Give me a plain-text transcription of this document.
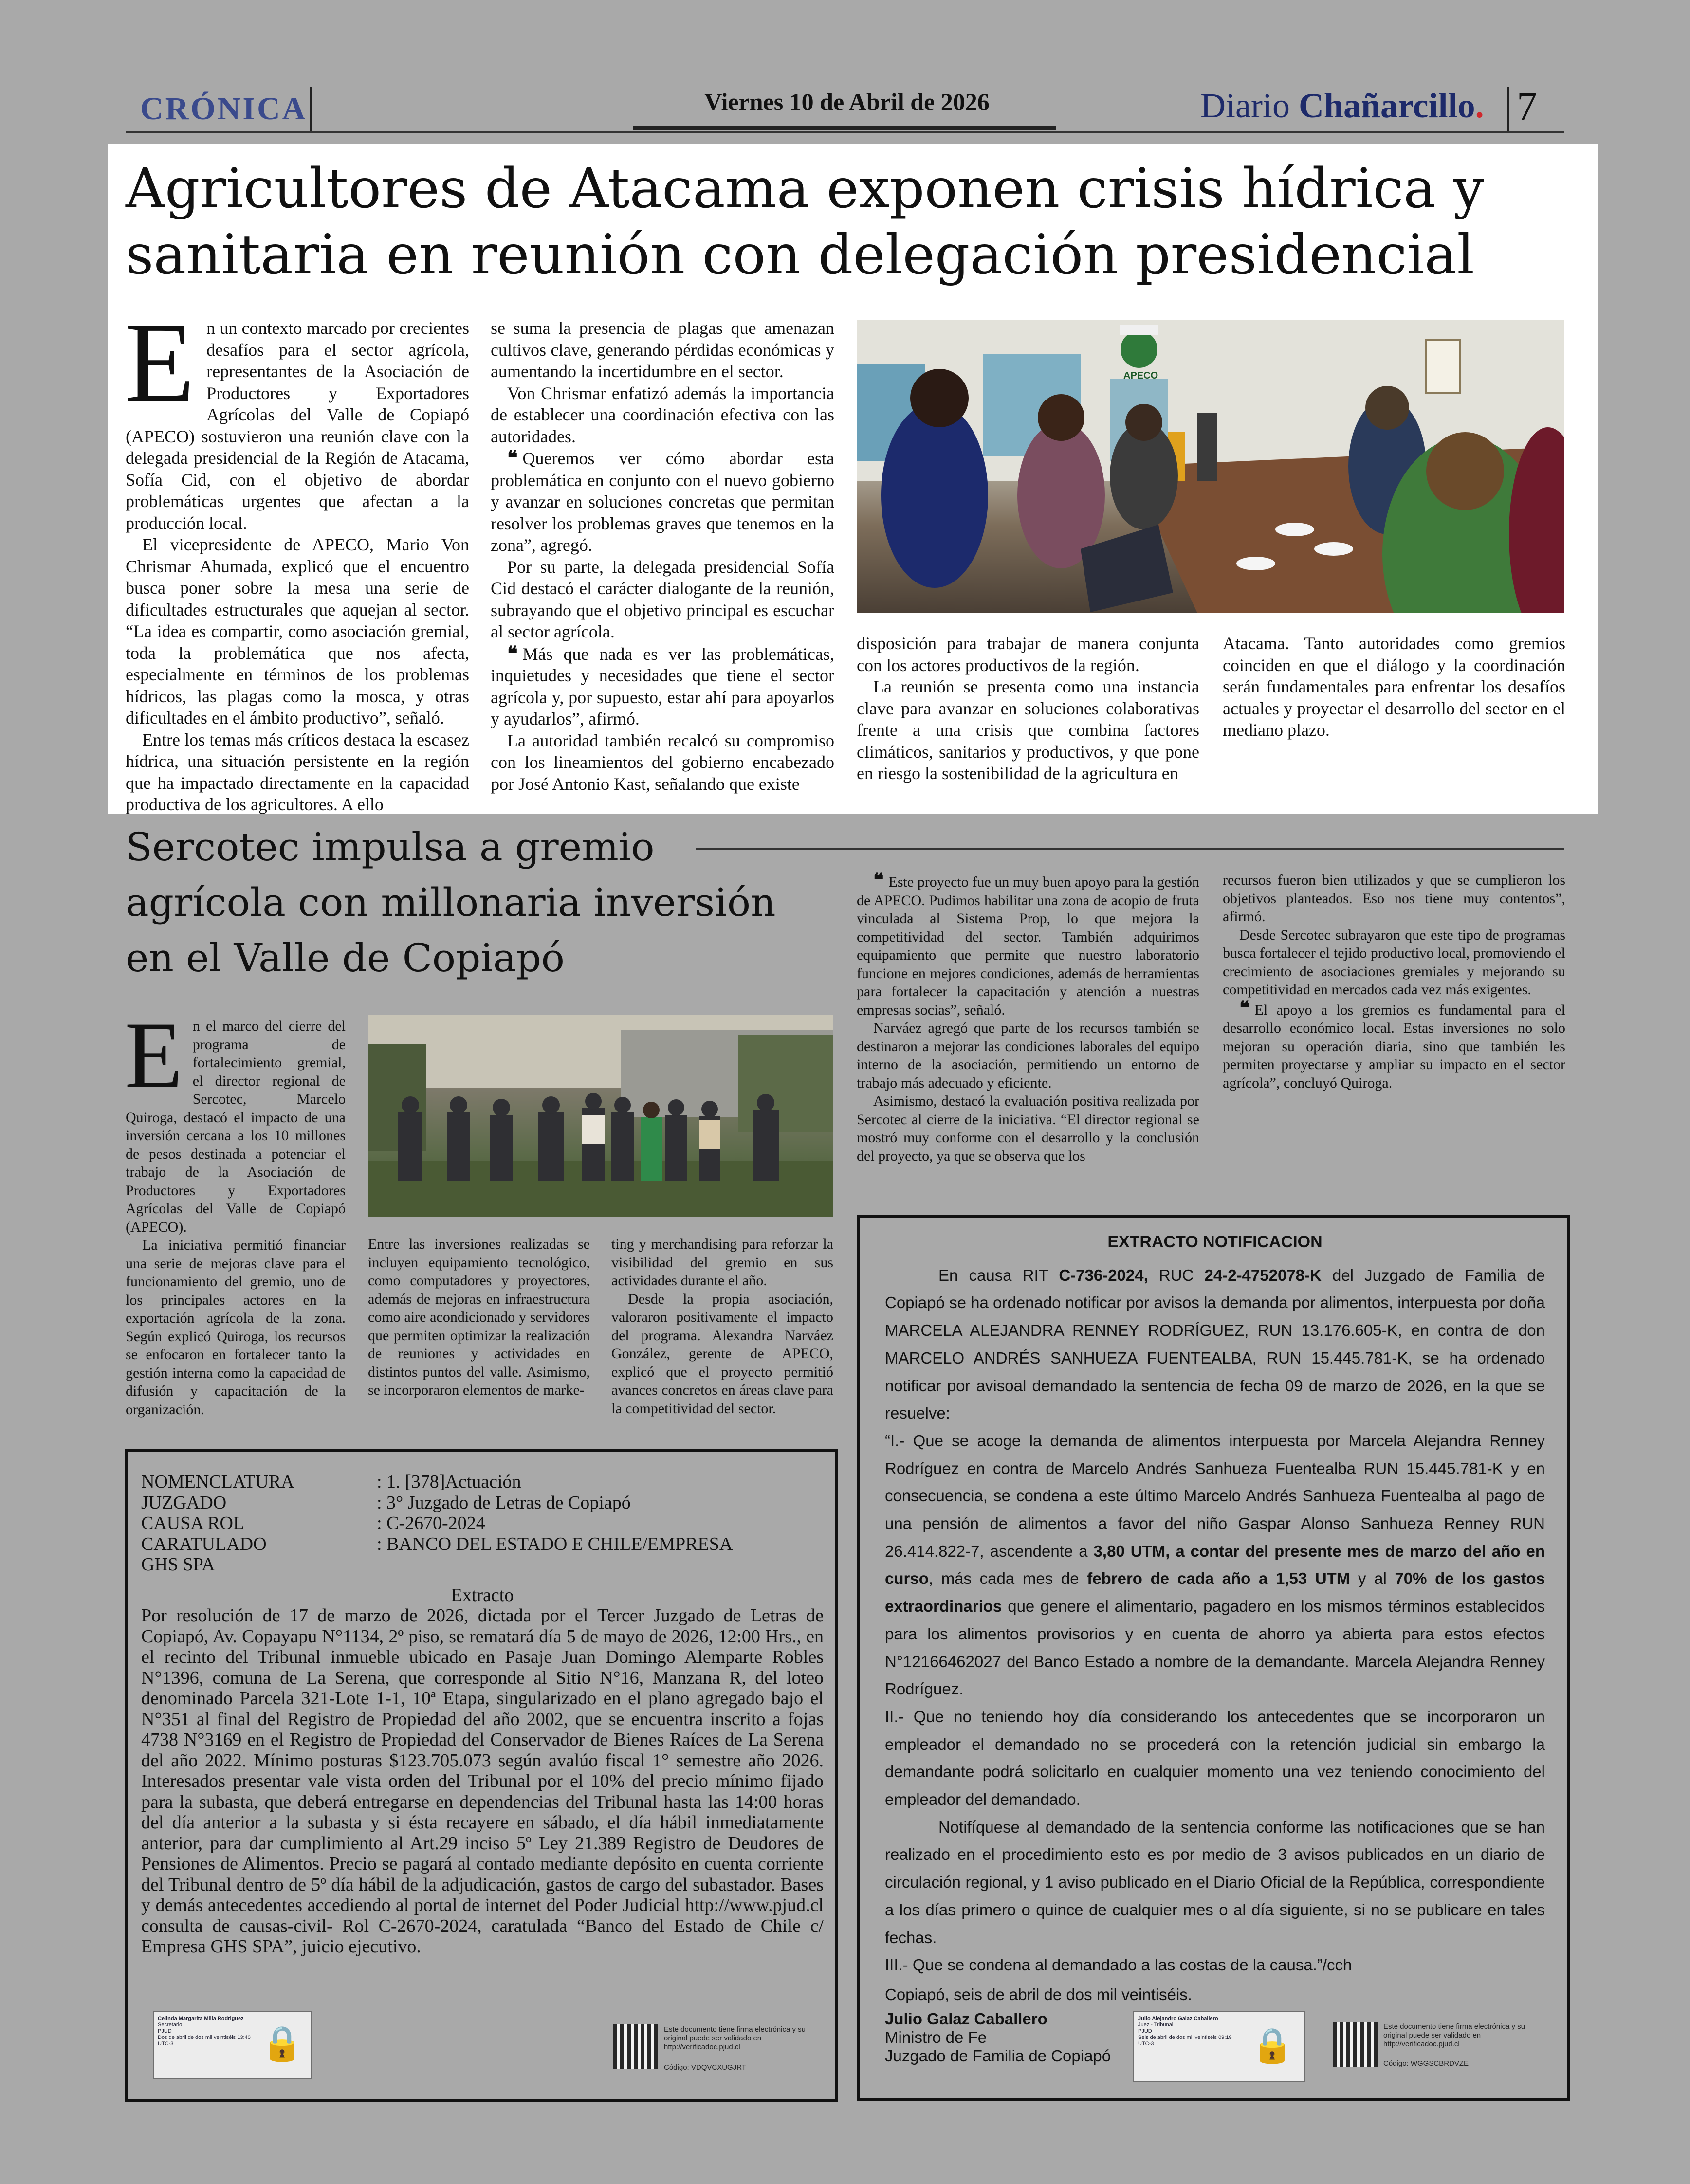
CRÓNICA	Viernes 10 de Abril de 2026	Diario Chañarcillo. 7
Agricultores de Atacama exponen crisis hídrica y sanitaria en reunión con delegación presidencial

En un contexto marcado por crecientes desafíos para el sector agrícola, representantes de la Asociación de Productores y Exportadores Agrícolas del Valle de Copiapó (APECO) sostuvieron una reunión clave con la delegada presidencial de la Región de Atacama, Sofía Cid, con el objetivo de abordar problemáticas urgentes que afectan a la producción local.

El vicepresidente de APECO, Mario Von Chrismar Ahumada, explicó que el encuentro busca poner sobre la mesa una serie de dificultades estructurales que aquejan al sector. “La idea es compartir, como asociación gremial, toda la problemática que nos afecta, especialmente en términos de los problemas hídricos, las plagas como la mosca, y otras dificultades en el ámbito productivo”, señaló.

Entre los temas más críticos destaca la escasez hídrica, una situación persistente en la región que ha impactado directamente en la capacidad productiva de los agricultores. A ello

se suma la presencia de plagas que amenazan cultivos clave, generando pérdidas económicas y aumentando la incertidumbre en el sector.

Von Chrismar enfatizó además la importancia de establecer una coordinación efectiva con las autoridades.

❝ Queremos ver cómo abordar esta problemática en conjunto con el nuevo gobierno y avanzar en soluciones concretas que permitan resolver los problemas graves que tenemos en la zona”, agregó.

Por su parte, la delegada presidencial Sofía Cid destacó el carácter dialogante de la reunión, subrayando que el objetivo principal es escuchar al sector agrícola.

❝ Más que nada es ver las problemáticas, inquietudes y necesidades que tiene el sector agrícola y, por supuesto, estar ahí para apoyarlos y ayudarlos”, afirmó.

La autoridad también recalcó su compromiso con los lineamientos del gobierno encabezado por José Antonio Kast, señalando que existe

APECO

disposición para trabajar de manera conjunta con los actores productivos de la región.

La reunión se presenta como una instancia clave para avanzar en soluciones colaborativas frente a una crisis que combina factores climáticos, sanitarios y productivos, y que pone en riesgo la sostenibilidad de la agricultura en

Atacama. Tanto autoridades como gremios coinciden en que el diálogo y la coordinación serán fundamentales para enfrentar los desafíos actuales y proyectar el desarrollo del sector en el mediano plazo.

Sercotec impulsa a gremio agrícola con millonaria inversión en el Valle de Copiapó

En el marco del cierre del programa de fortalecimiento gremial, el director regional de Sercotec, Marcelo Quiroga, destacó el impacto de una inversión cercana a los 10 millones de pesos destinada a potenciar el trabajo de la Asociación de Productores y Exportadores Agrícolas del Valle de Copiapó (APECO).

La iniciativa permitió financiar una serie de mejoras clave para el funcionamiento del gremio, uno de los principales actores en la exportación agrícola de la zona. Según explicó Quiroga, los recursos se enfocaron en fortalecer tanto la gestión interna como la capacidad de difusión y capacitación de la organización.

Entre las inversiones realizadas se incluyen equipamiento tecnológico, como computadores y proyectores, además de mejoras en infraestructura como aire acondicionado y servidores que permiten optimizar la realización de reuniones y actividades en distintos puntos del valle. Asimismo, se incorporaron elementos de marke-

ting y merchandising para reforzar la visibilidad del gremio en sus actividades durante el año.

Desde la propia asociación, valoraron positivamente el impacto del programa. Alexandra Narváez González, gerente de APECO, explicó que el proyecto permitió avances concretos en áreas clave para la competitividad del sector.

❝ Este proyecto fue un muy buen apoyo para la gestión de APECO. Pudimos habilitar una zona de acopio de fruta vinculada al Sistema Prop, lo que mejora la competitividad del sector. También adquirimos equipamiento que permite que nuestro laboratorio funcione en mejores condiciones, además de herramientas para fortalecer la capacitación y atención a nuestras empresas socias”, señaló.

Narváez agregó que parte de los recursos también se destinaron a mejorar las condiciones laborales del equipo interno de la asociación, permitiendo un entorno de trabajo más adecuado y eficiente.

Asimismo, destacó la evaluación positiva realizada por Sercotec al cierre de la iniciativa. “El director regional se mostró muy conforme con el desarrollo y la conclusión del proyecto, ya que se observa que los

recursos fueron bien utilizados y que se cumplieron los objetivos planteados. Eso nos tiene muy contentos”, afirmó.

Desde Sercotec subrayaron que este tipo de programas busca fortalecer el tejido productivo local, promoviendo el crecimiento de asociaciones gremiales y mejorando su competitividad en mercados cada vez más exigentes.

❝ El apoyo a los gremios es fundamental para el desarrollo económico local. Estas inversiones no solo mejoran su operación diaria, sino que también les permiten proyectarse y ampliar su impacto en el sector agrícola”, concluyó Quiroga.

NOMENCLATURA	: 1. [378]Actuación
JUZGADO	: 3° Juzgado de Letras de Copiapó
CAUSA ROL	: C-2670-2024
CARATULADO	: BANCO DEL ESTADO E CHILE/EMPRESA
GHS SPA
Extracto
Por resolución de 17 de marzo de 2026, dictada por el Tercer Juzgado de Letras de Copiapó, Av. Copayapu N°1134, 2º piso, se rematará día 5 de mayo de 2026, 12:00 Hrs., en el recinto del Tribunal inmueble ubicado en Pasaje Juan Domingo Alemparte Robles N°1396, comuna de La Serena, que corresponde al Sitio N°16, Manzana R, del loteo denominado Parcela 321-Lote 1-1, 10ª Etapa, singularizado en el plano agregado bajo el N°351 al final del Registro de Propiedad del año 2002, que se encuentra inscrito a fojas 4738 N°3169 en el Registro de Propiedad del Conservador de Bienes Raíces de La Serena del año 2022. Mínimo posturas $123.705.073 según avalúo fiscal 1° semestre año 2026. Interesados presentar vale vista orden del Tribunal por el 10% del precio mínimo fijado para la subasta, que deberá entregarse en dependencias del Tribunal hasta las 14:00 horas del día anterior a la subasta y si ésta recayere en sábado, el día hábil inmediatamente anterior, para dar cumplimiento al Art.29 inciso 5º Ley 21.389 Registro de Deudores de Pensiones de Alimentos. Precio se pagará al contado mediante depósito en cuenta corriente del Tribunal dentro de 5º día hábil de la adjudicación, gastos de cargo del subastador. Bases y demás antecedentes accediendo al portal de internet del Poder Judicial http://www.pjud.cl consulta de causas-civil- Rol C-2670-2024, caratulada “Banco del Estado de Chile c/ Empresa GHS SPA”, juicio ejecutivo.
Celinda Margarita Milla Rodriguez
Secretario
PJUD
Dos de abril de dos mil veintiséis 13:40 UTC-3	🔒	Este documento tiene firma electrónica y su original puede ser validado en http://verificadoc.pjud.cl
Código: VDQVCXUGJRT
EXTRACTO NOTIFICACION

En causa RIT C-736-2024, RUC 24-2-4752078-K del Juzgado de Familia de Copiapó se ha ordenado notificar por avisos la demanda por alimentos, interpuesta por doña MARCELA ALEJANDRA RENNEY RODRÍGUEZ, RUN 13.176.605-K, en contra de don MARCELO ANDRÉS SANHUEZA FUENTEALBA, RUN 15.445.781-K, se ha ordenado notificar por avisoal demandado la sentencia de fecha 09 de marzo de 2026, en la que se resuelve:

“I.- Que se acoge la demanda de alimentos interpuesta por Marcela Alejandra Renney Rodríguez en contra de Marcelo Andrés Sanhueza Fuentealba RUN 15.445.781-K y en consecuencia, se condena a este último Marcelo Andrés Sanhueza Fuentealba al pago de una pensión de alimentos a favor del niño Gaspar Alonso Sanhueza Renney RUN 26.414.822-7, ascendente a 3,80 UTM, a contar del presente mes de marzo del año en curso, más cada mes de febrero de cada año a 1,53 UTM y al 70% de los gastos extraordinarios que genere el alimentario, pagadero en los mismos términos establecidos para los alimentos provisorios y en cuenta de ahorro ya abierta para estos efectos N°12166462027 del Banco Estado a nombre de la demandante. Marcela Alejandra Renney Rodríguez.

II.- Que no teniendo hoy día considerando los antecedentes que se incorporaron un empleador el demandado no se procederá con la retención judicial sin embargo la demandante podrá solicitarlo en cualquier momento una vez teniendo conocimiento del empleador del demandado.

Notifíquese al demandado de la sentencia conforme las notificaciones que se han realizado en el procedimiento esto es por medio de 3 avisos publicados en un diario de circulación regional, y 1 aviso publicado en el Diario Oficial de la República, correspondiente a los días primero o quince de cualquier mes o al día siguiente, si no se publicare en tales fechas.

III.- Que se condena al demandado a las costas de la causa.”/cch

Copiapó, seis de abril de dos mil veintiséis.

Julio Galaz Caballero
Ministro de Fe
Juzgado de Familia de Copiapó
Julio Alejandro Galaz Caballero
Juez - Tribunal
PJUD
Seis de abril de dos mil veintiséis 09:19 UTC-3	🔒	Este documento tiene firma electrónica y su original puede ser validado en http://verificadoc.pjud.cl
Código: WGGSCBRDVZE
